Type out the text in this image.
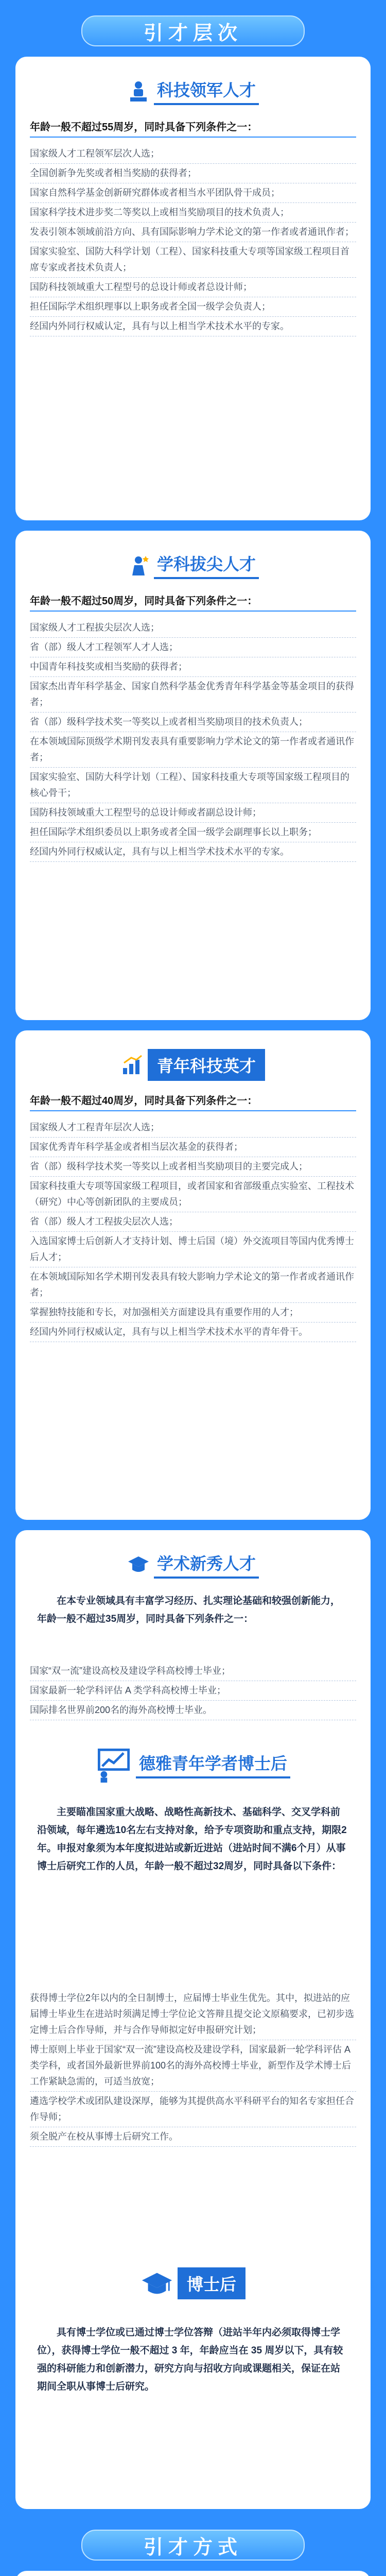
引才层次
科技领军人才
年龄一般不超过55周岁，同时具备下列条件之一：
国家级人才工程领军层次人选；
全国创新争先奖或者相当奖励的获得者；
国家自然科学基金创新研究群体或者相当水平团队骨干成员；
国家科学技术进步奖二等奖以上或相当奖励项目的技术负责人；
发表引领本领域前沿方向、具有国际影响力学术论文的第一作者或者通讯作者；
国家实验室、国防大科学计划（工程）、国家科技重大专项等国家级工程项目首席专家或者技术负责人；
国防科技领域重大工程型号的总设计师或者总设计师；
担任国际学术组织理事以上职务或者全国一级学会负责人；
经国内外同行权威认定，具有与以上相当学术技术水平的专家。
学科拔尖人才
年龄一般不超过50周岁，同时具备下列条件之一：
国家级人才工程拔尖层次人选；
省（部）级人才工程领军人才人选；
中国青年科技奖或相当奖励的获得者；
国家杰出青年科学基金、国家自然科学基金优秀青年科学基金等基金项目的获得者；
省（部）级科学技术奖一等奖以上或者相当奖励项目的技术负责人；
在本领域国际顶级学术期刊发表具有重要影响力学术论文的第一作者或者通讯作者；
国家实验室、国防大科学计划（工程）、国家科技重大专项等国家级工程项目的核心骨干；
国防科技领域重大工程型号的总设计师或者副总设计师；
担任国际学术组织委员以上职务或者全国一级学会副理事长以上职务；
经国内外同行权威认定，具有与以上相当学术技术水平的专家。
青年科技英才
年龄一般不超过40周岁，同时具备下列条件之一：
国家级人才工程青年层次人选；
国家优秀青年科学基金或者相当层次基金的获得者；
省（部）级科学技术奖一等奖以上或者相当奖励项目的主要完成人；
国家科技重大专项等国家级工程项目，或者国家和省部级重点实验室、工程技术（研究）中心等创新团队的主要成员；
省（部）级人才工程拔尖层次人选；
入选国家博士后创新人才支持计划、博士后国（境）外交流项目等国内优秀博士后人才；
在本领域国际知名学术期刊发表具有较大影响力学术论文的第一作者或者通讯作者；
掌握独特技能和专长，对加强相关方面建设具有重要作用的人才；
经国内外同行权威认定，具有与以上相当学术技术水平的青年骨干。
学术新秀人才
在本专业领域具有丰富学习经历、扎实理论基础和较强创新能力，年龄一般不超过35周岁，同时具备下列条件之一：
国家“双一流”建设高校及建设学科高校博士毕业；
国家最新一轮学科评估 A 类学科高校博士毕业；
国际排名世界前200名的海外高校博士毕业。
德雅青年学者博士后
主要瞄准国家重大战略、战略性高新技术、基础科学、交叉学科前沿领域，每年遴选10名左右支持对象，给予专项资助和重点支持，期限2年。申报对象须为本年度拟进站或新近进站（进站时间不满6个月）从事博士后研究工作的人员，年龄一般不超过32周岁，同时具备以下条件：
获得博士学位2年以内的全日制博士，应届博士毕业生优先。其中，拟进站的应届博士毕业生在进站时须满足博士学位论文答辩且提交论文原稿要求，已初步选定博士后合作导师，并与合作导师拟定好申报研究计划；
博士原则上毕业于国家“双一流”建设高校及建设学科，国家最新一轮学科评估 A 类学科，或者国外最新世界前100名的海外高校博士毕业，新型作及学术博士后工作紧缺急需的，可适当放宽；
遴选学校学术或团队建设深厚，能够为其提供高水平科研平台的知名专家担任合作导师；
须全脱产在校从事博士后研究工作。
博士后
具有博士学位或已通过博士学位答辩（进站半年内必须取得博士学位），获得博士学位一般不超过 3 年，年龄应当在 35 周岁以下，具有较强的科研能力和创新潜力，研究方向与招收方向或课题相关，保证在站期间全职从事博士后研究。
引才方式
